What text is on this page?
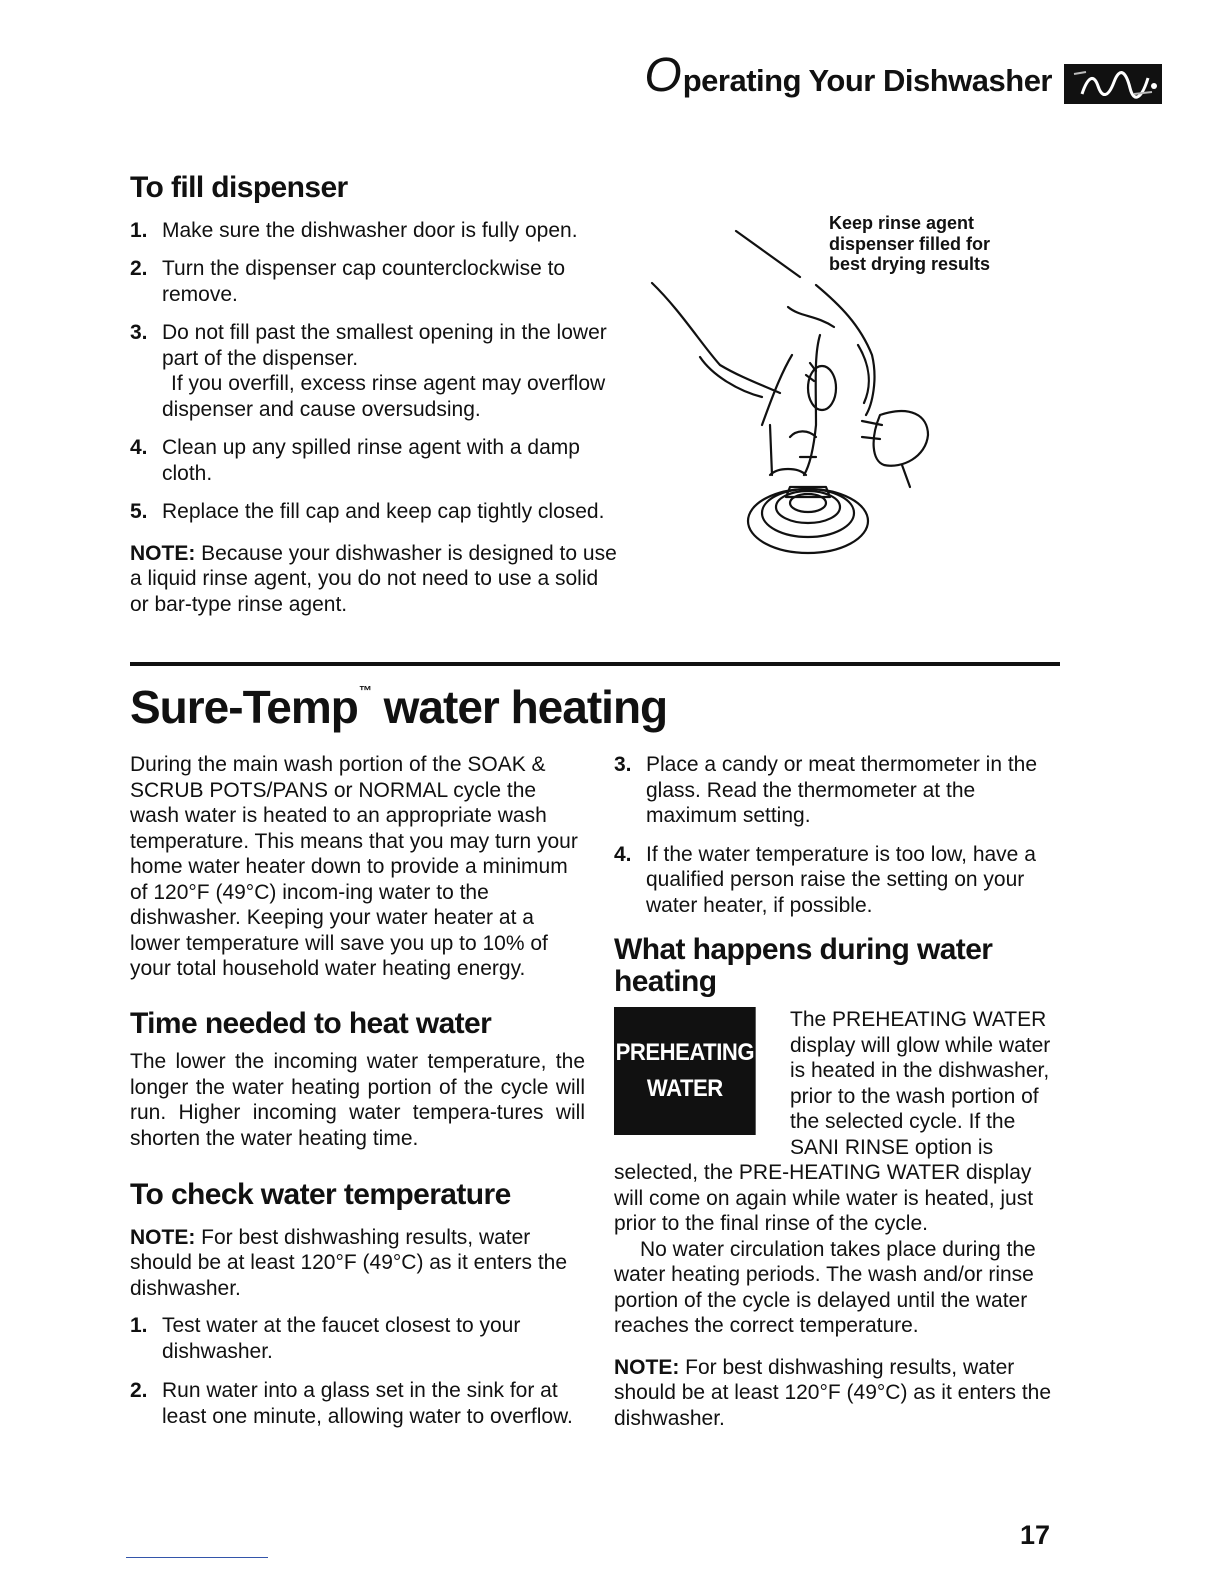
Operating Your Dishwasher
To fill dispenser
1. Make sure the dishwasher door is fully open.

2. Turn the dispenser cap counterclockwise to remove.

3. Do not fill past the smallest opening in the lower part of the dispenser.

If you overfill, excess rinse agent may overflow dispenser and cause oversudsing.

4. Clean up any spilled rinse agent with a damp cloth.

5. Replace the fill cap and keep cap tightly closed.

NOTE: Because your dishwasher is designed to use a liquid rinse agent, you do not need to use a solid or bar-type rinse agent.

Keep rinse agent
dispenser filled for
best drying results
Sure-Temp™ water heating

During the main wash portion of the SOAK & SCRUB POTS/PANS or NORMAL cycle the wash water is heated to an appropriate wash temperature. This means that you may turn your home water heater down to provide a minimum of 120°F (49°C) incom-ing water to the dishwasher. Keeping your water heater at a lower temperature will save you up to 10% of your total household water heating energy.

Time needed to heat water

The lower the incoming water temperature, the longer the water heating portion of the cycle will run. Higher incoming water tempera-tures will shorten the water heating time.

To check water temperature

NOTE: For best dishwashing results, water should be at least 120°F (49°C) as it enters the dishwasher.

1. Test water at the faucet closest to your dishwasher.

2. Run water into a glass set in the sink for at least one minute, allowing water to overflow.

3. Place a candy or meat thermometer in the glass. Read the thermometer at the maximum setting.

4. If the water temperature is too low, have a qualified person raise the setting on your water heater, if possible.

What happens during water heating
PREHEATING
WATER

The PREHEATING WATER display will glow while water is heated in the dishwasher, prior to the wash portion of the selected cycle. If the SANI RINSE option is selected, the PRE-HEATING WATER display will come on again while water is heated, just prior to the final rinse of the cycle.

No water circulation takes place during the water heating periods. The wash and/or rinse portion of the cycle is delayed until the water reaches the correct temperature.

NOTE: For best dishwashing results, water should be at least 120°F (49°C) as it enters the dishwasher.

17
